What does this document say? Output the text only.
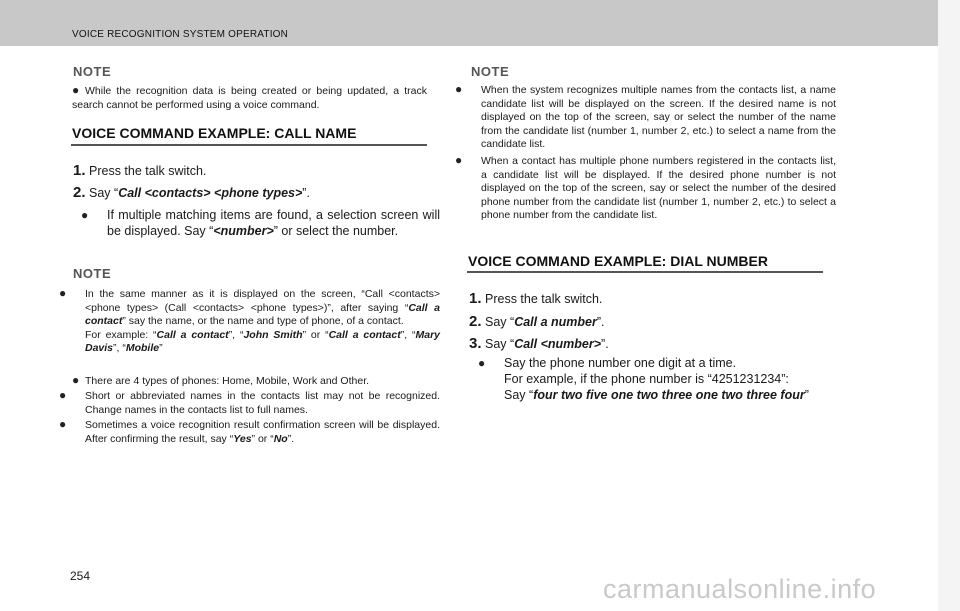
VOICE RECOGNITION SYSTEM OPERATION
NOTE
● While the recognition data is being created or being updated, a track search cannot be performed using a voice command.
VOICE COMMAND EXAMPLE: CALL NAME
1. Press the talk switch.
2. Say “Call <contacts> <phone types>”.
● If multiple matching items are found, a selection screen will be displayed. Say “<number>” or select the number.
NOTE
● In the same manner as it is displayed on the screen, “Call <contacts> <phone types> (Call <contacts> <phone types>)”, after saying “Call a contact” say the name, or the name and type of phone, of a contact.
For example: “Call a contact”, “John Smith” or “Call a contact”, “Mary Davis”, “Mobile”
● There are 4 types of phones: Home, Mobile, Work and Other.
● Short or abbreviated names in the contacts list may not be recognized. Change names in the contacts list to full names.
● Sometimes a voice recognition result confirmation screen will be displayed. After confirming the result, say “Yes” or “No”.
NOTE
● When the system recognizes multiple names from the contacts list, a name candidate list will be displayed on the screen. If the desired name is not displayed on the top of the screen, say or select the number of the name from the candidate list (number 1, number 2, etc.) to select a name from the candidate list.
● When a contact has multiple phone numbers registered in the contacts list, a candidate list will be displayed. If the desired phone number is not displayed on the top of the screen, say or select the number of the desired phone number from the candidate list (number 1, number 2, etc.) to select a phone number from the candidate list.
VOICE COMMAND EXAMPLE: DIAL NUMBER
1. Press the talk switch.
2. Say “Call a number”.
3. Say “Call <number>”.
● Say the phone number one digit at a time.
For example, if the phone number is “4251231234”:
Say “four two five one two three one two three four”
254	carmanualsonline.info
